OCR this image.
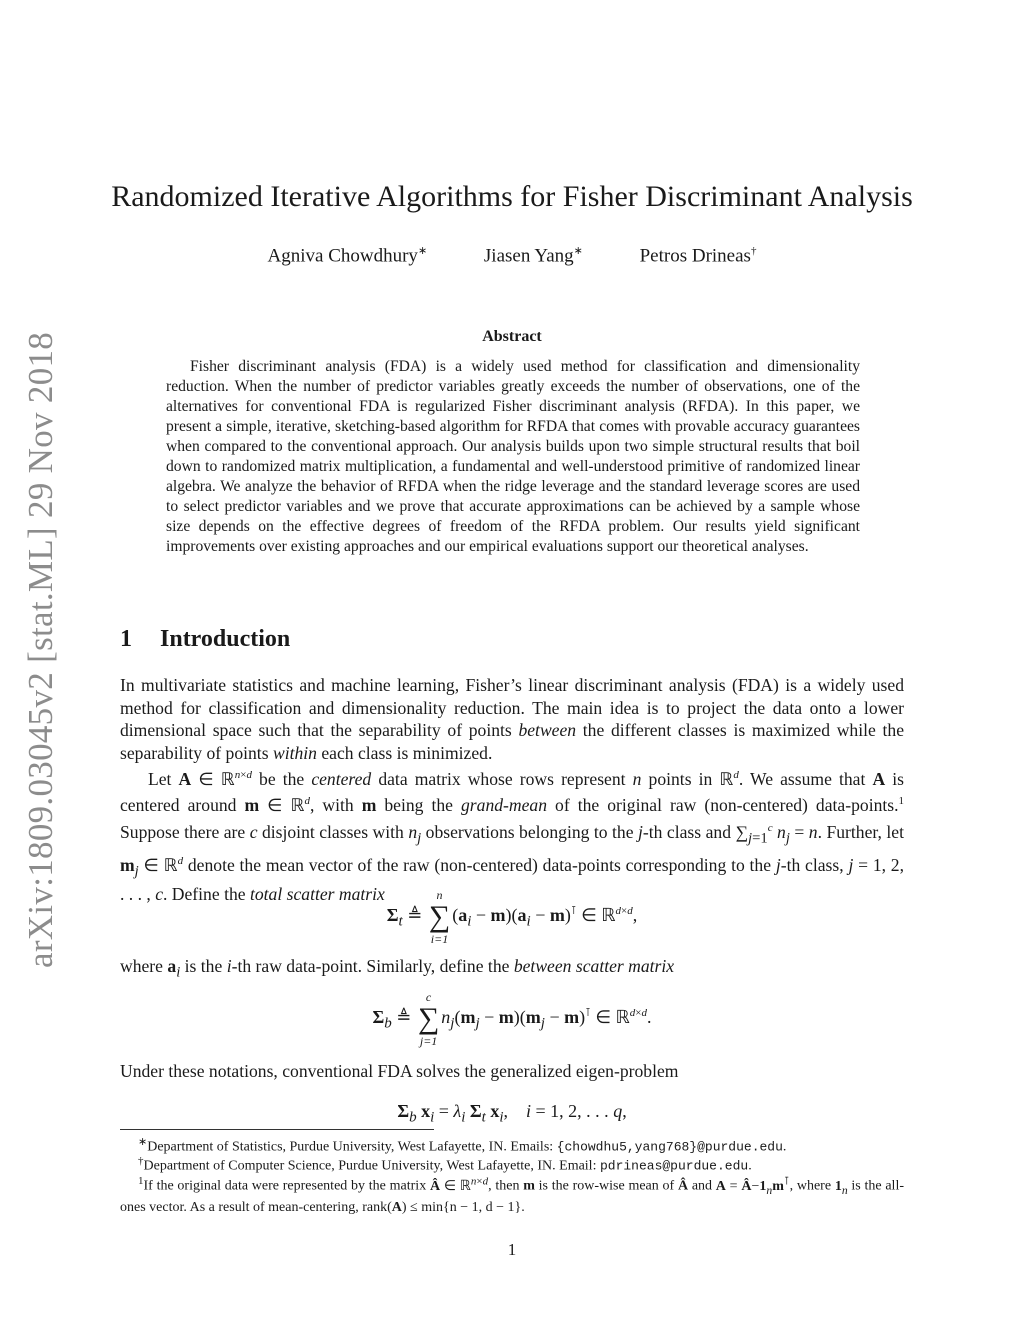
arXiv:1809.03045v2 [stat.ML] 29 Nov 2018
Randomized Iterative Algorithms for Fisher Discriminant Analysis
Agniva Chowdhury∗	Jiasen Yang∗	Petros Drineas†
Abstract

Fisher discriminant analysis (FDA) is a widely used method for classification and dimensionality reduction. When the number of predictor variables greatly exceeds the number of observations, one of the alternatives for conventional FDA is regularized Fisher discriminant analysis (RFDA). In this paper, we present a simple, iterative, sketching-based algorithm for RFDA that comes with provable accuracy guarantees when compared to the conventional approach. Our analysis builds upon two simple structural results that boil down to randomized matrix multiplication, a fundamental and well-understood primitive of randomized linear algebra. We analyze the behavior of RFDA when the ridge leverage and the standard leverage scores are used to select predictor variables and we prove that accurate approximations can be achieved by a sample whose size depends on the effective degrees of freedom of the RFDA problem. Our results yield significant improvements over existing approaches and our empirical evaluations support our theoretical analyses.

1 Introduction

In multivariate statistics and machine learning, Fisher’s linear discriminant analysis (FDA) is a widely used method for classification and dimensionality reduction. The main idea is to project the data onto a lower dimensional space such that the separability of points between the different classes is maximized while the separability of points within each class is minimized.

Let A ∈ ℝ$^{n\times d}$ be the centered data matrix whose rows represent n points in ℝ$^d$. We assume that A is centered around m ∈ ℝ$^d$, with m being the grand-mean of the original raw (non-centered) data-points.$^1$ Suppose there are c disjoint classes with $n_j$ observations belonging to the j-th class and $\sum_{j=1}^c$ $n_j = n$. Further, let $m_j$ ∈ ℝ$^d$ denote the mean vector of the raw (non-centered) data-points corresponding to the j-th class, j = 1, 2, . . . , c. Define the total scatter matrix

$\Sigma_t$ ≜
n
∑
i=1
$(a_i - m)(a_i - m)^⊺$ ∈ ℝ$^{d\times d}$,

where $a_i$ is the i-th raw data-point. Similarly, define the between scatter matrix

$\Sigma_b$ ≜
c
∑
j=1
$n_j(m_j - m)(m_j - m)^⊺$ ∈ ℝ$^{d\times d}$.

Under these notations, conventional FDA solves the generalized eigen-problem

$\Sigma_b$ $x_i = \lambda_i$ $\Sigma_t$ $x_i$,    i = 1, 2, . . . q,

∗Department of Statistics, Purdue University, West Lafayette, IN. Emails: {chowdhu5,yang768}@purdue.edu.

†Department of Computer Science, Purdue University, West Lafayette, IN. Email: pdrineas@purdue.edu.

$^1$If the original data were represented by the matrix Â ∈ ℝ$^{n\times d}$, then m is the row-wise mean of Â and $A = Â-1_nm^⊺$, where $1_n$ is the all-ones vector. As a result of mean-centering, rank(A) ≤ min{n − 1, d − 1}.

1
